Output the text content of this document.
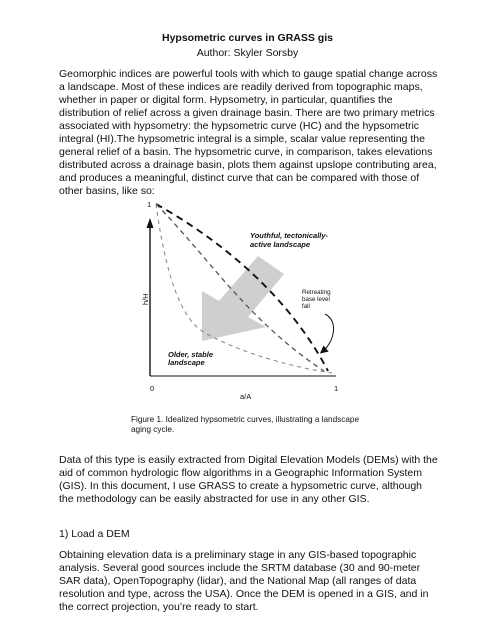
Hypsometric curves in GRASS gis
Author: Skyler Sorsby
Geomorphic indices are powerful tools with which to gauge spatial change across a landscape. Most of these indices are readily derived from topographic maps, whether in paper or digital form. Hypsometry, in particular, quantifies the distribution of relief across a given drainage basin. There are two primary metrics associated with hypsometry: the hypsometric curve (HC) and the hypsometric integral (HI).The hypsometric integral is a simple, scalar value representing the general relief of a basin. The hypsometric curve, in comparison, takes elevations distributed across a drainage basin, plots them against upslope contributing area, and produces a meaningful, distinct curve that can be compared with those of other basins, like so:
1
0	1
a/A
h/H
Youthful, tectonically-
active landscape
Retreating
base level
fall
Older, stable
landscape
Figure 1. Idealized hypsometric curves, illustrating a landscape aging cycle.
Data of this type is easily extracted from Digital Elevation Models (DEMs) with the aid of common hydrologic flow algorithms in a Geographic Information System (GIS). In this document, I use GRASS to create a hypsometric curve, although the methodology can be easily abstracted for use in any other GIS.
1) Load a DEM
Obtaining elevation data is a preliminary stage in any GIS-based topographic analysis. Several good sources include the SRTM database (30 and 90-meter SAR data), OpenTopography (lidar), and the National Map (all ranges of data resolution and type, across the USA). Once the DEM is opened in a GIS, and in the correct projection, you’re ready to start.
